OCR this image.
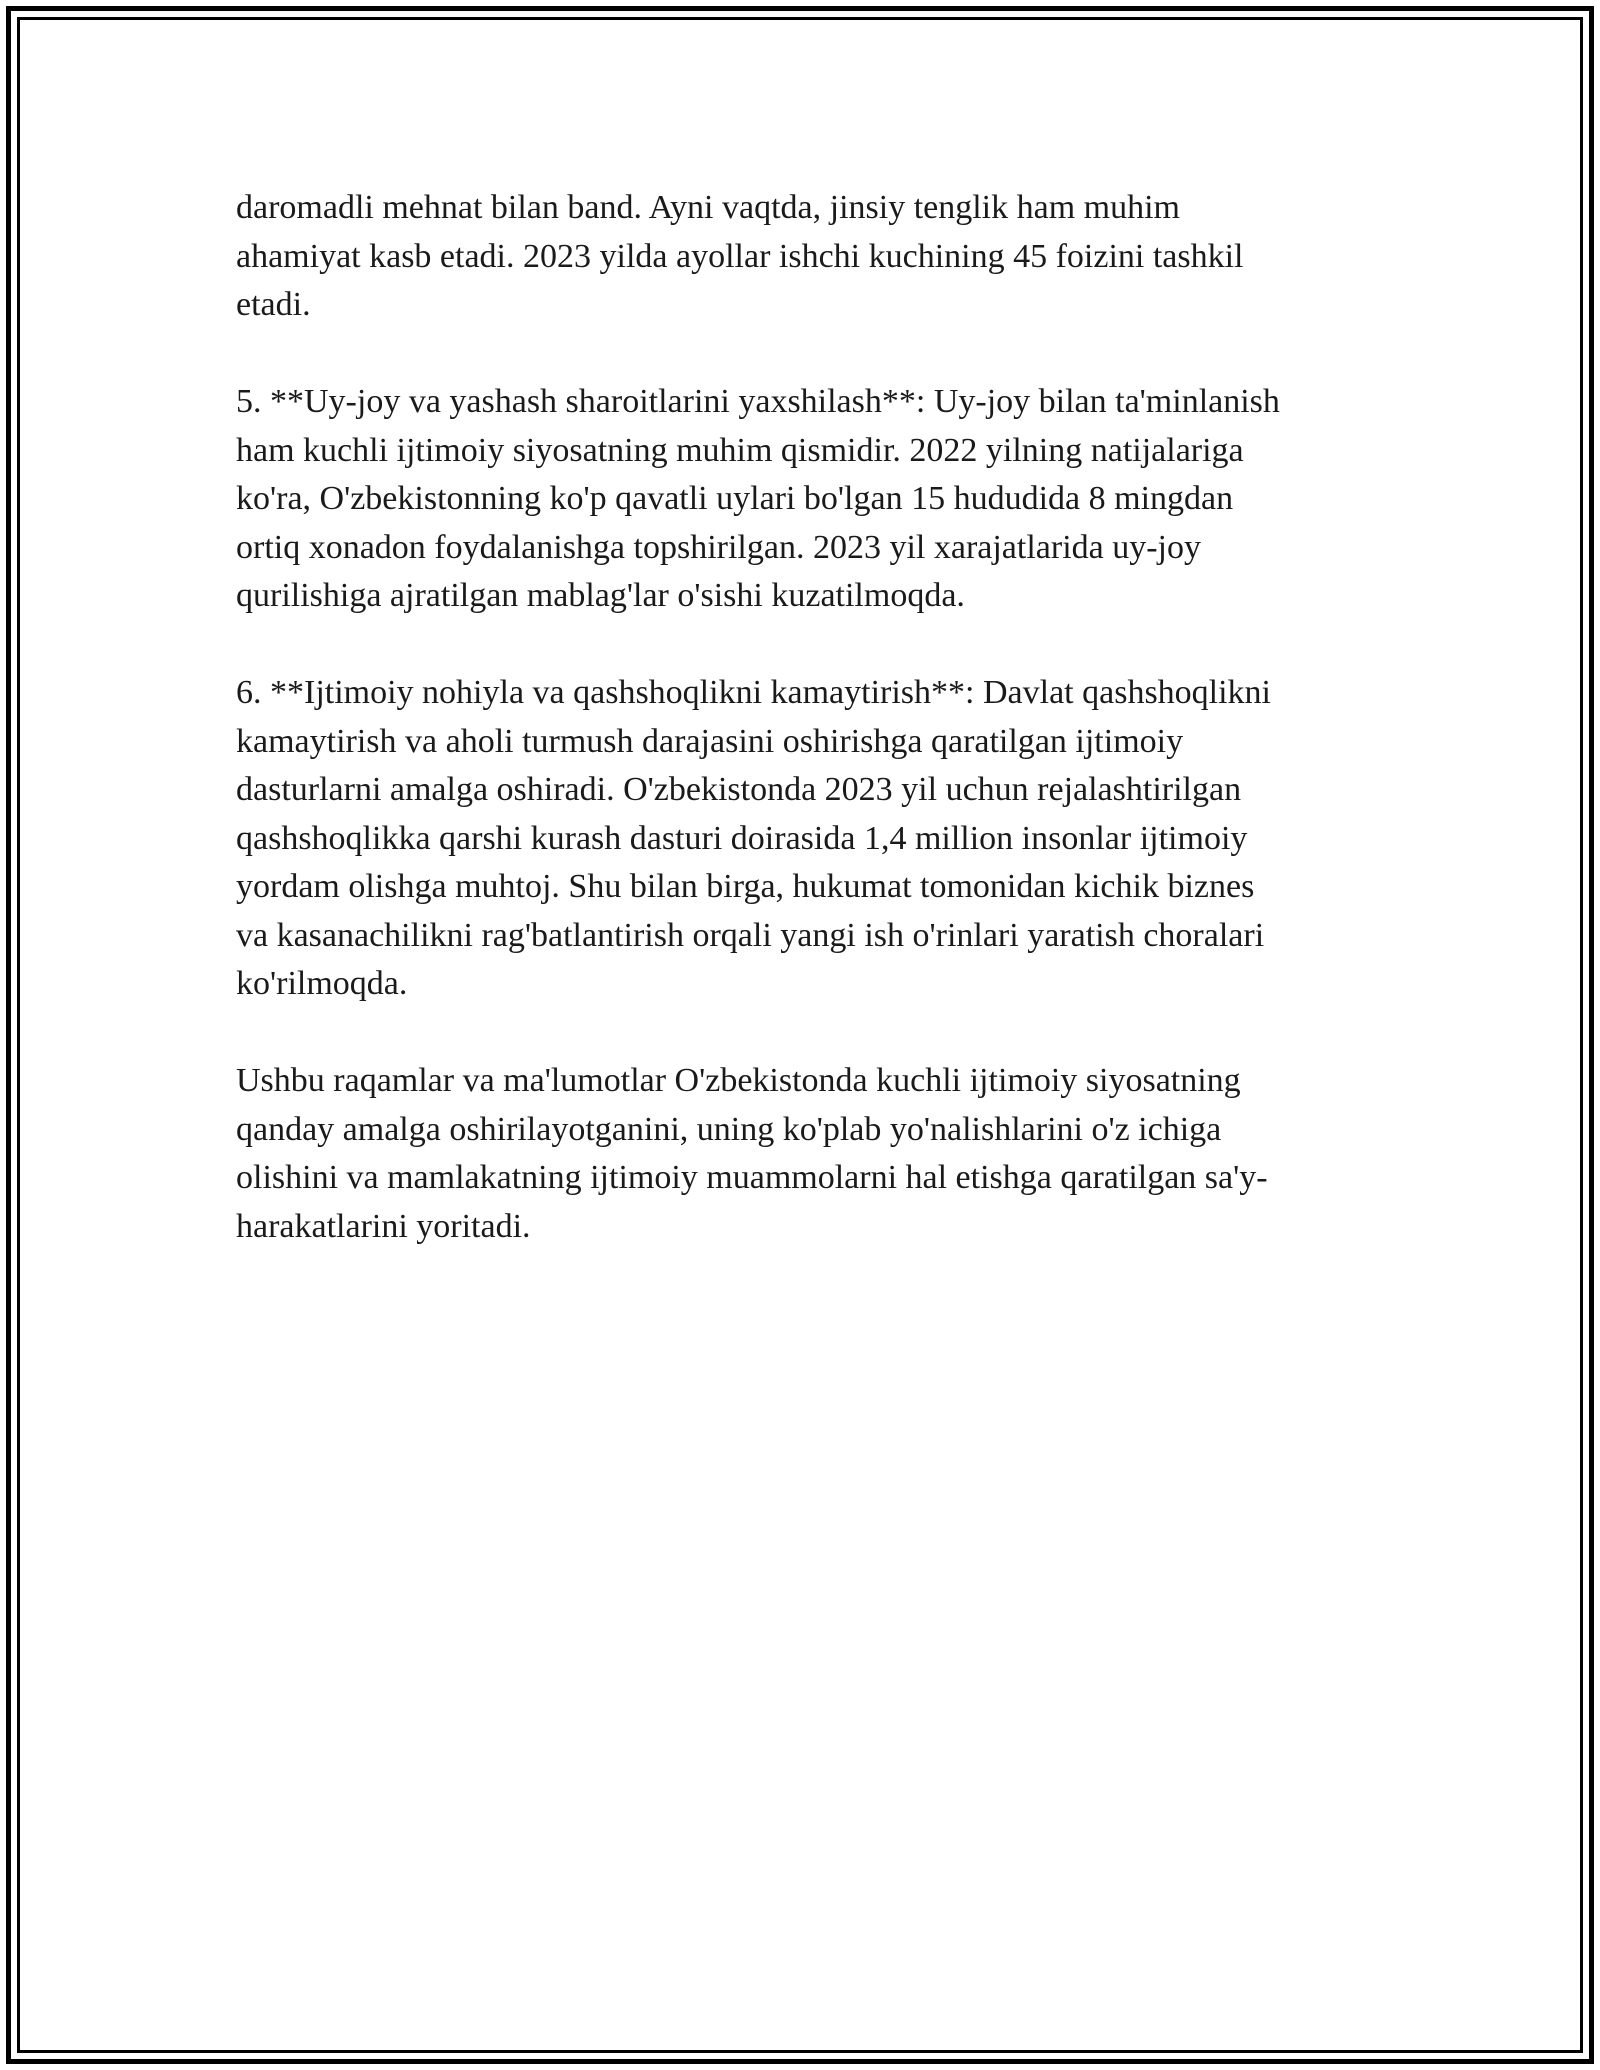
daromadli mehnat bilan band. Ayni vaqtda, jinsiy tenglik ham muhim
ahamiyat kasb etadi. 2023 yilda ayollar ishchi kuchining 45 foizini tashkil
etadi.

5. **Uy-joy va yashash sharoitlarini yaxshilash**: Uy-joy bilan ta'minlanish
ham kuchli ijtimoiy siyosatning muhim qismidir. 2022 yilning natijalariga
ko'ra, O'zbekistonning ko'p qavatli uylari bo'lgan 15 hududida 8 mingdan
ortiq xonadon foydalanishga topshirilgan. 2023 yil xarajatlarida uy-joy
qurilishiga ajratilgan mablag'lar o'sishi kuzatilmoqda.

6. **Ijtimoiy nohiyla va qashshoqlikni kamaytirish**: Davlat qashshoqlikni
kamaytirish va aholi turmush darajasini oshirishga qaratilgan ijtimoiy
dasturlarni amalga oshiradi. O'zbekistonda 2023 yil uchun rejalashtirilgan
qashshoqlikka qarshi kurash dasturi doirasida 1,4 million insonlar ijtimoiy
yordam olishga muhtoj. Shu bilan birga, hukumat tomonidan kichik biznes
va kasanachilikni rag'batlantirish orqali yangi ish o'rinlari yaratish choralari
ko'rilmoqda.

Ushbu raqamlar va ma'lumotlar O'zbekistonda kuchli ijtimoiy siyosatning
qanday amalga oshirilayotganini, uning ko'plab yo'nalishlarini o'z ichiga
olishini va mamlakatning ijtimoiy muammolarni hal etishga qaratilgan sa'y-
harakatlarini yoritadi.
